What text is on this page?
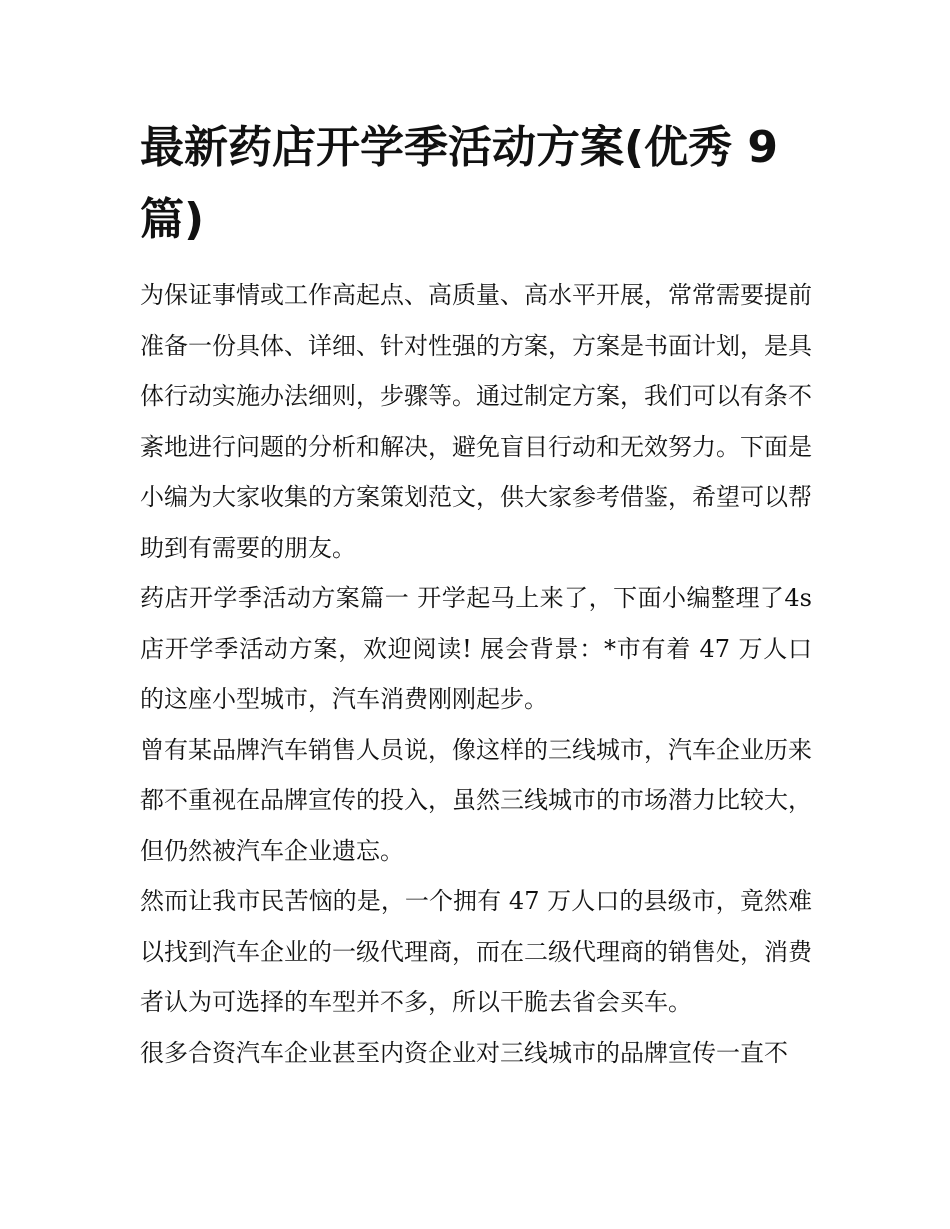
最新药店开学季活动方案(优秀 9 篇)

为保证事情或工作高起点、高质量、高水平开展，常常需要提前准备一份具体、详细、针对性强的方案，方案是书面计划，是具体行动实施办法细则，步骤等。通过制定方案，我们可以有条不紊地进行问题的分析和解决，避免盲目行动和无效努力。下面是小编为大家收集的方案策划范文，供大家参考借鉴，希望可以帮助到有需要的朋友。

药店开学季活动方案篇一 开学起马上来了，下面小编整理了4s 店开学季活动方案，欢迎阅读! 展会背景：*市有着 47 万人口的这座小型城市，汽车消费刚刚起步。

曾有某品牌汽车销售人员说，像这样的三线城市，汽车企业历来都不重视在品牌宣传的投入，虽然三线城市的市场潜力比较大，但仍然被汽车企业遗忘。

然而让我市民苦恼的是，一个拥有 47 万人口的县级市，竟然难以找到汽车企业的一级代理商，而在二级代理商的销售处，消费者认为可选择的车型并不多，所以干脆去省会买车。

很多合资汽车企业甚至内资企业对三线城市的品牌宣传一直不
